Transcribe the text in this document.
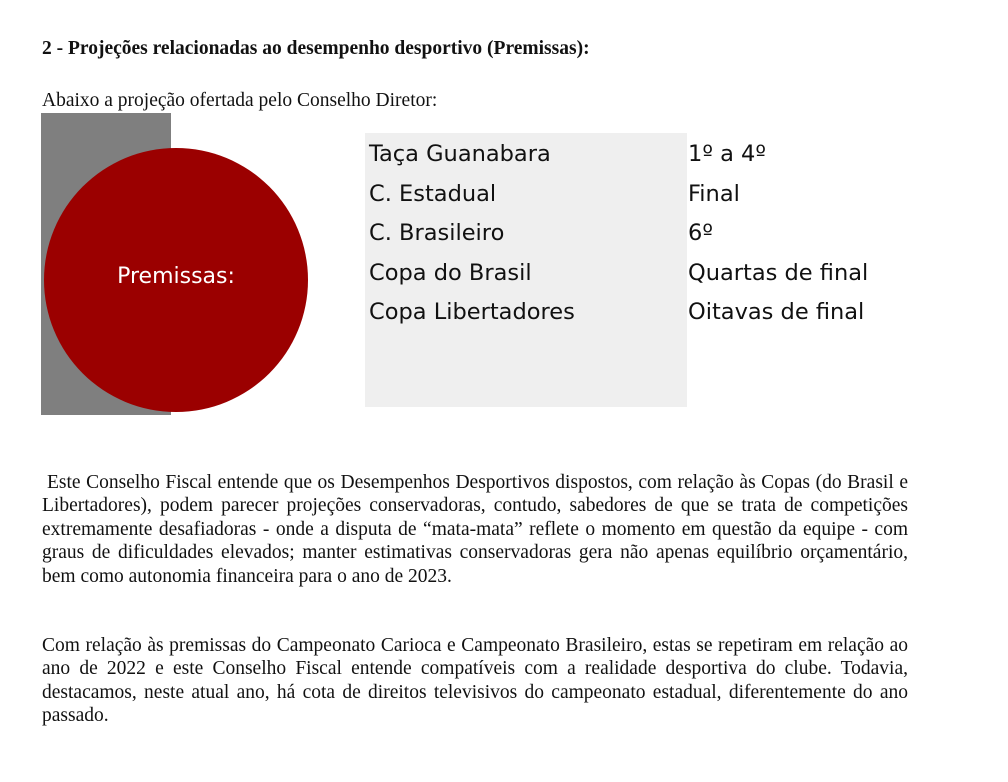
2 - Projeções relacionadas ao desempenho desportivo (Premissas):
Abaixo a projeção ofertada pelo Conselho Diretor:
Premissas:
Taça Guanabara	1º a 4º
C. Estadual	Final
C. Brasileiro	6º
Copa do Brasil	Quartas de final
Copa Libertadores	Oitavas de final

Este Conselho Fiscal entende que os Desempenhos Desportivos dispostos, com relação às Copas (do Brasil e Libertadores), podem parecer projeções conservadoras, contudo, sabedores de que se trata de competições extremamente desafiadoras - onde a disputa de “mata-mata” reflete o momento em questão da equipe - com graus de dificuldades elevados; manter estimativas conservadoras gera não apenas equilíbrio orçamentário, bem como autonomia financeira para o ano de 2023.

Com relação às premissas do Campeonato Carioca e Campeonato Brasileiro, estas se repetiram em relação ao ano de 2022 e este Conselho Fiscal entende compatíveis com a realidade desportiva do clube. Todavia, destacamos, neste atual ano, há cota de direitos televisivos do campeonato estadual, diferentemente do ano passado.
